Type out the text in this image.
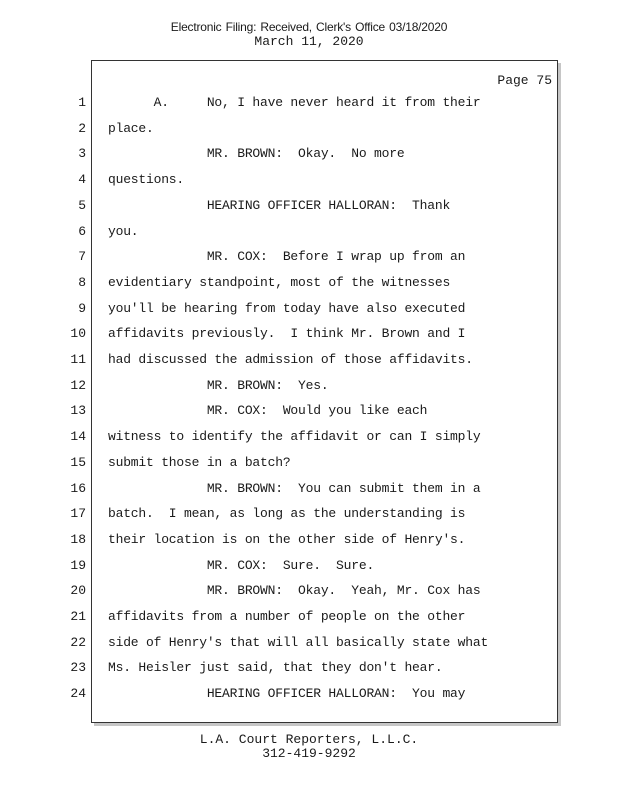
Electronic Filing: Received, Clerk's Office 03/18/2020
March 11, 2020
Page 75
1 A.     No, I have never heard it from their
2 place.
3 MR. BROWN:  Okay.  No more
4 questions.
5 HEARING OFFICER HALLORAN:  Thank
6 you.
7 MR. COX:  Before I wrap up from an
8 evidentiary standpoint, most of the witnesses
9 you'll be hearing from today have also executed
10 affidavits previously.  I think Mr. Brown and I
11 had discussed the admission of those affidavits.
12 MR. BROWN:  Yes.
13 MR. COX:  Would you like each
14 witness to identify the affidavit or can I simply
15 submit those in a batch?
16 MR. BROWN:  You can submit them in a
17 batch.  I mean, as long as the understanding is
18 their location is on the other side of Henry's.
19 MR. COX:  Sure.  Sure.
20 MR. BROWN:  Okay.  Yeah, Mr. Cox has
21 affidavits from a number of people on the other
22 side of Henry's that will all basically state what
23 Ms. Heisler just said, that they don't hear.
24 HEARING OFFICER HALLORAN:  You may
L.A. Court Reporters, L.L.C.
312-419-9292
